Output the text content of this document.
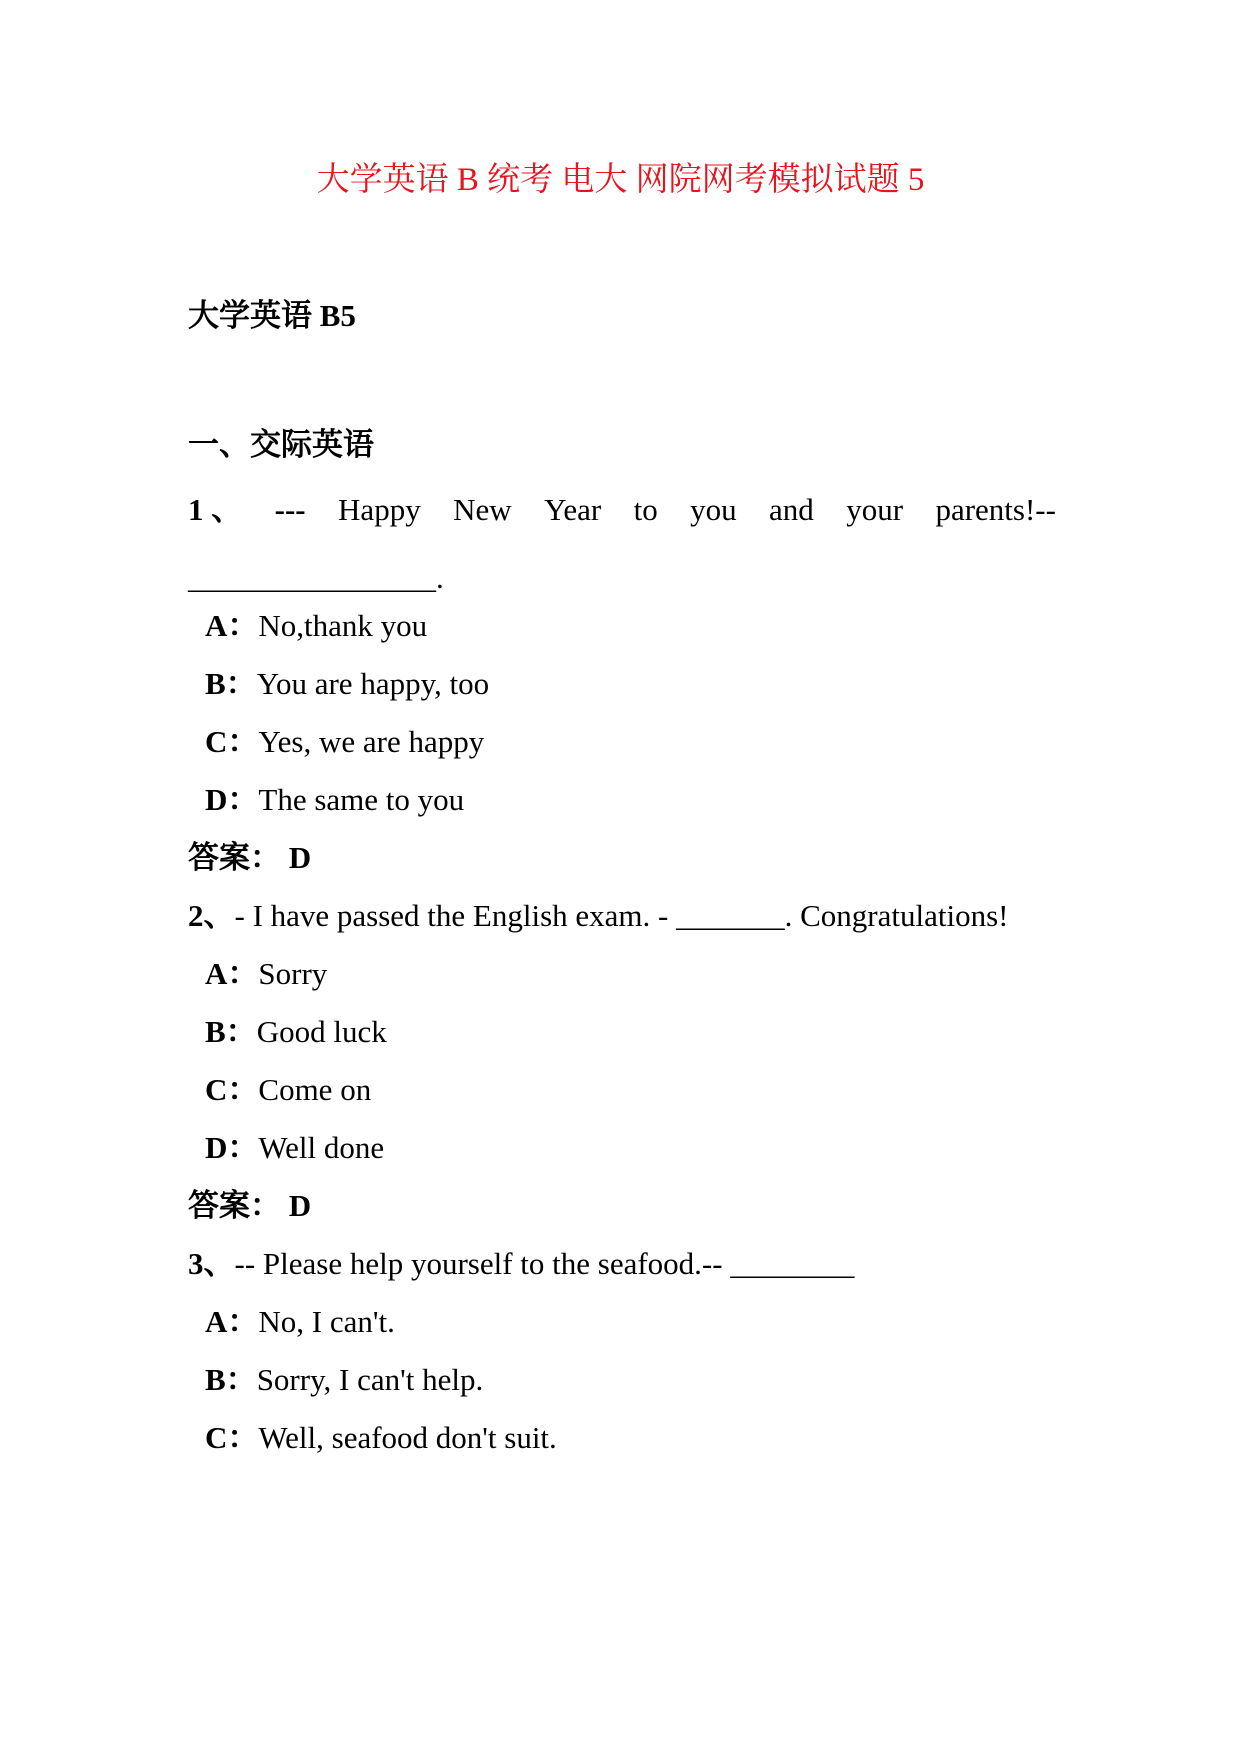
大学英语 B 统考 电大 网院网考模拟试题 5
大学英语 B5
一、交际英语
1 、 --- Happy New Year to you and your parents!--
________________.
A：No,thank you
B：You are happy, too
C：Yes, we are happy
D：The same to you
答案： D
2、- I have passed the English exam. - _______. Congratulations!
A：Sorry
B：Good luck
C：Come on
D：Well done
答案： D
3、-- Please help yourself to the seafood.-- ________
A：No, I can't.
B：Sorry, I can't help.
C：Well, seafood don't suit.
